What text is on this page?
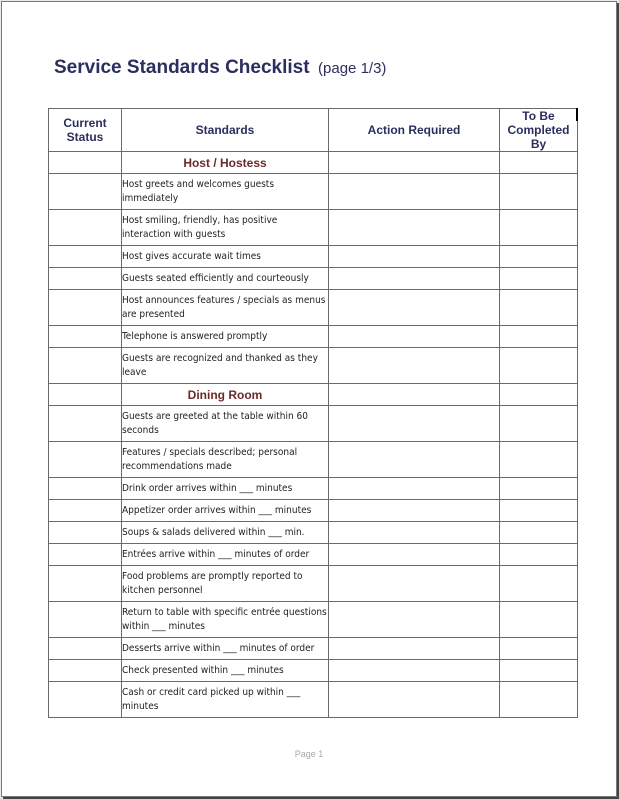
Service Standards Checklist (page 1/3)
Current Status	Standards	Action Required	To Be Completed By
	Host / Hostess		
	Host greets and welcomes guests immediately		
	Host smiling, friendly, has positive interaction with guests		
	Host gives accurate wait times		
	Guests seated efficiently and courteously		
	Host announces features / specials as menus are presented		
	Telephone is answered promptly		
	Guests are recognized and thanked as they leave		
	Dining Room		
	Guests are greeted at the table within 60 seconds		
	Features / specials described; personal recommendations made		
	Drink order arrives within ___ minutes		
	Appetizer order arrives within ___ minutes		
	Soups & salads delivered within ___ min.		
	Entrées arrive within ___ minutes of order		
	Food problems are promptly reported to kitchen personnel		
	Return to table with specific entrée questions within ___ minutes		
	Desserts arrive within ___ minutes of order		
	Check presented within ___ minutes		
	Cash or credit card picked up within ___ minutes		
Page 1
